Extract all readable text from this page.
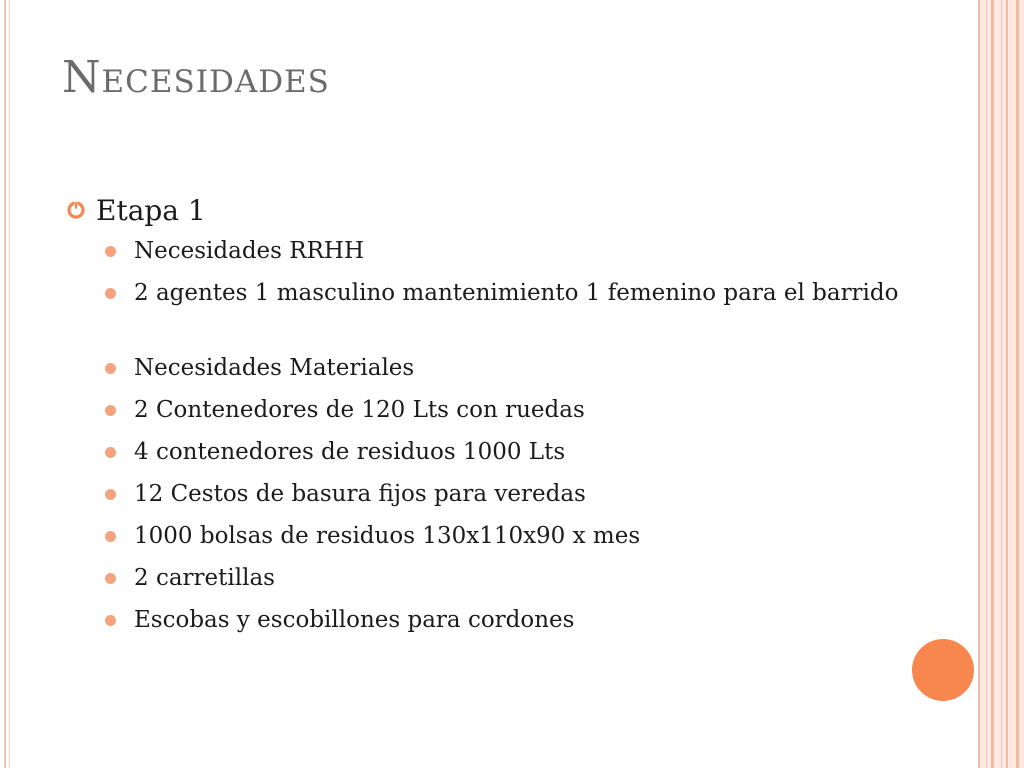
Necesidades
Etapa 1
Necesidades RRHH
2 agentes 1 masculino mantenimiento 1 femenino para el barrido
Necesidades Materiales
2 Contenedores de 120 Lts con ruedas
4 contenedores de residuos 1000 Lts
12 Cestos de basura fijos para veredas
1000 bolsas de residuos 130x110x90 x mes
2 carretillas
Escobas y escobillones para cordones
